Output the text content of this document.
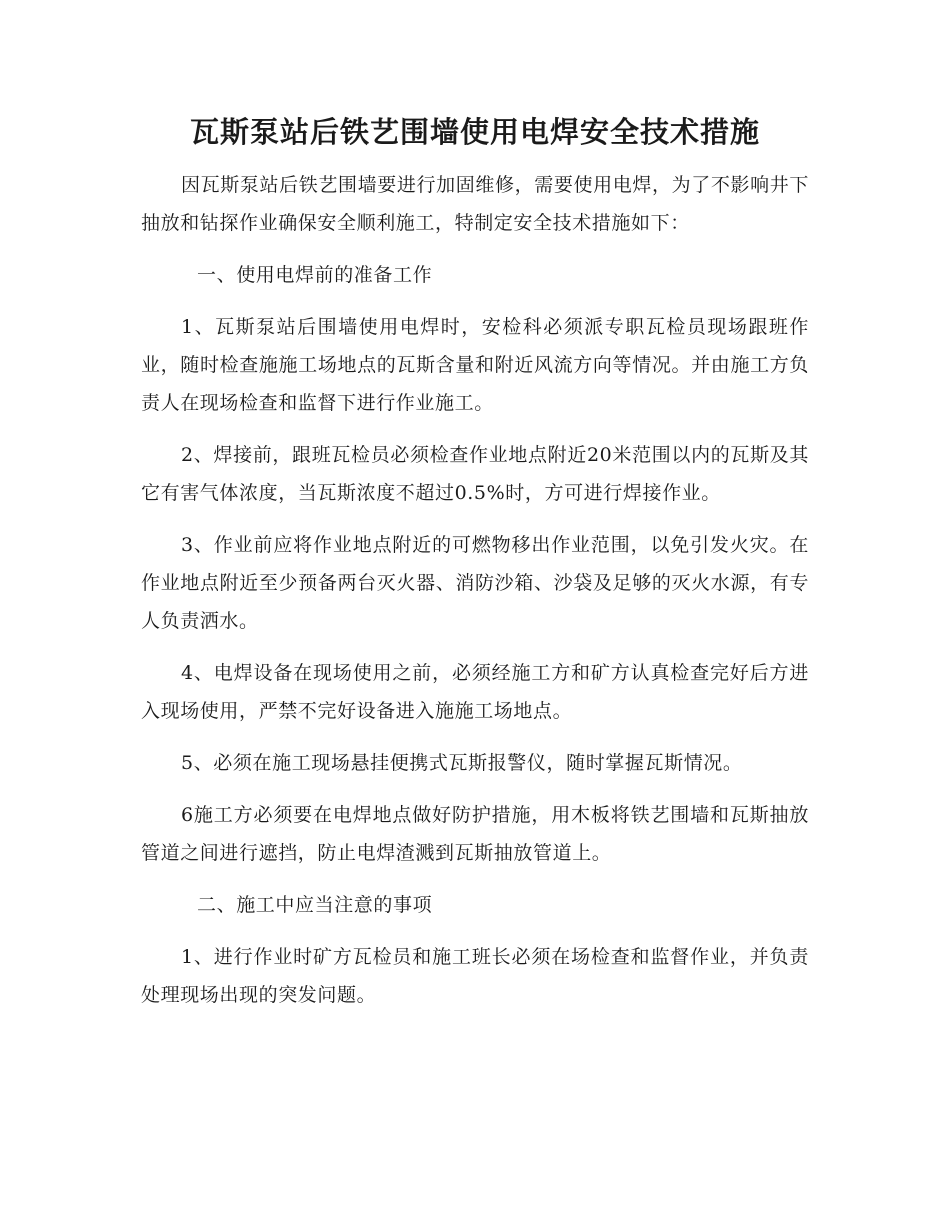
瓦斯泵站后铁艺围墙使用电焊安全技术措施

因瓦斯泵站后铁艺围墙要进行加固维修，需要使用电焊，为了不影响井下抽放和钻探作业确保安全顺利施工，特制定安全技术措施如下：

一、使用电焊前的准备工作

1、瓦斯泵站后围墙使用电焊时，安检科必须派专职瓦检员现场跟班作业，随时检查施施工场地点的瓦斯含量和附近风流方向等情况。并由施工方负责人在现场检查和监督下进行作业施工。

2、焊接前，跟班瓦检员必须检查作业地点附近20米范围以内的瓦斯及其它有害气体浓度，当瓦斯浓度不超过0.5%时，方可进行焊接作业。

3、作业前应将作业地点附近的可燃物移出作业范围，以免引发火灾。在作业地点附近至少预备两台灭火器、消防沙箱、沙袋及足够的灭火水源，有专人负责洒水。

4、电焊设备在现场使用之前，必须经施工方和矿方认真检查完好后方进入现场使用，严禁不完好设备进入施施工场地点。

5、必须在施工现场悬挂便携式瓦斯报警仪，随时掌握瓦斯情况。

6施工方必须要在电焊地点做好防护措施，用木板将铁艺围墙和瓦斯抽放管道之间进行遮挡，防止电焊渣溅到瓦斯抽放管道上。

二、施工中应当注意的事项

1、进行作业时矿方瓦检员和施工班长必须在场检查和监督作业，并负责处理现场出现的突发问题。
